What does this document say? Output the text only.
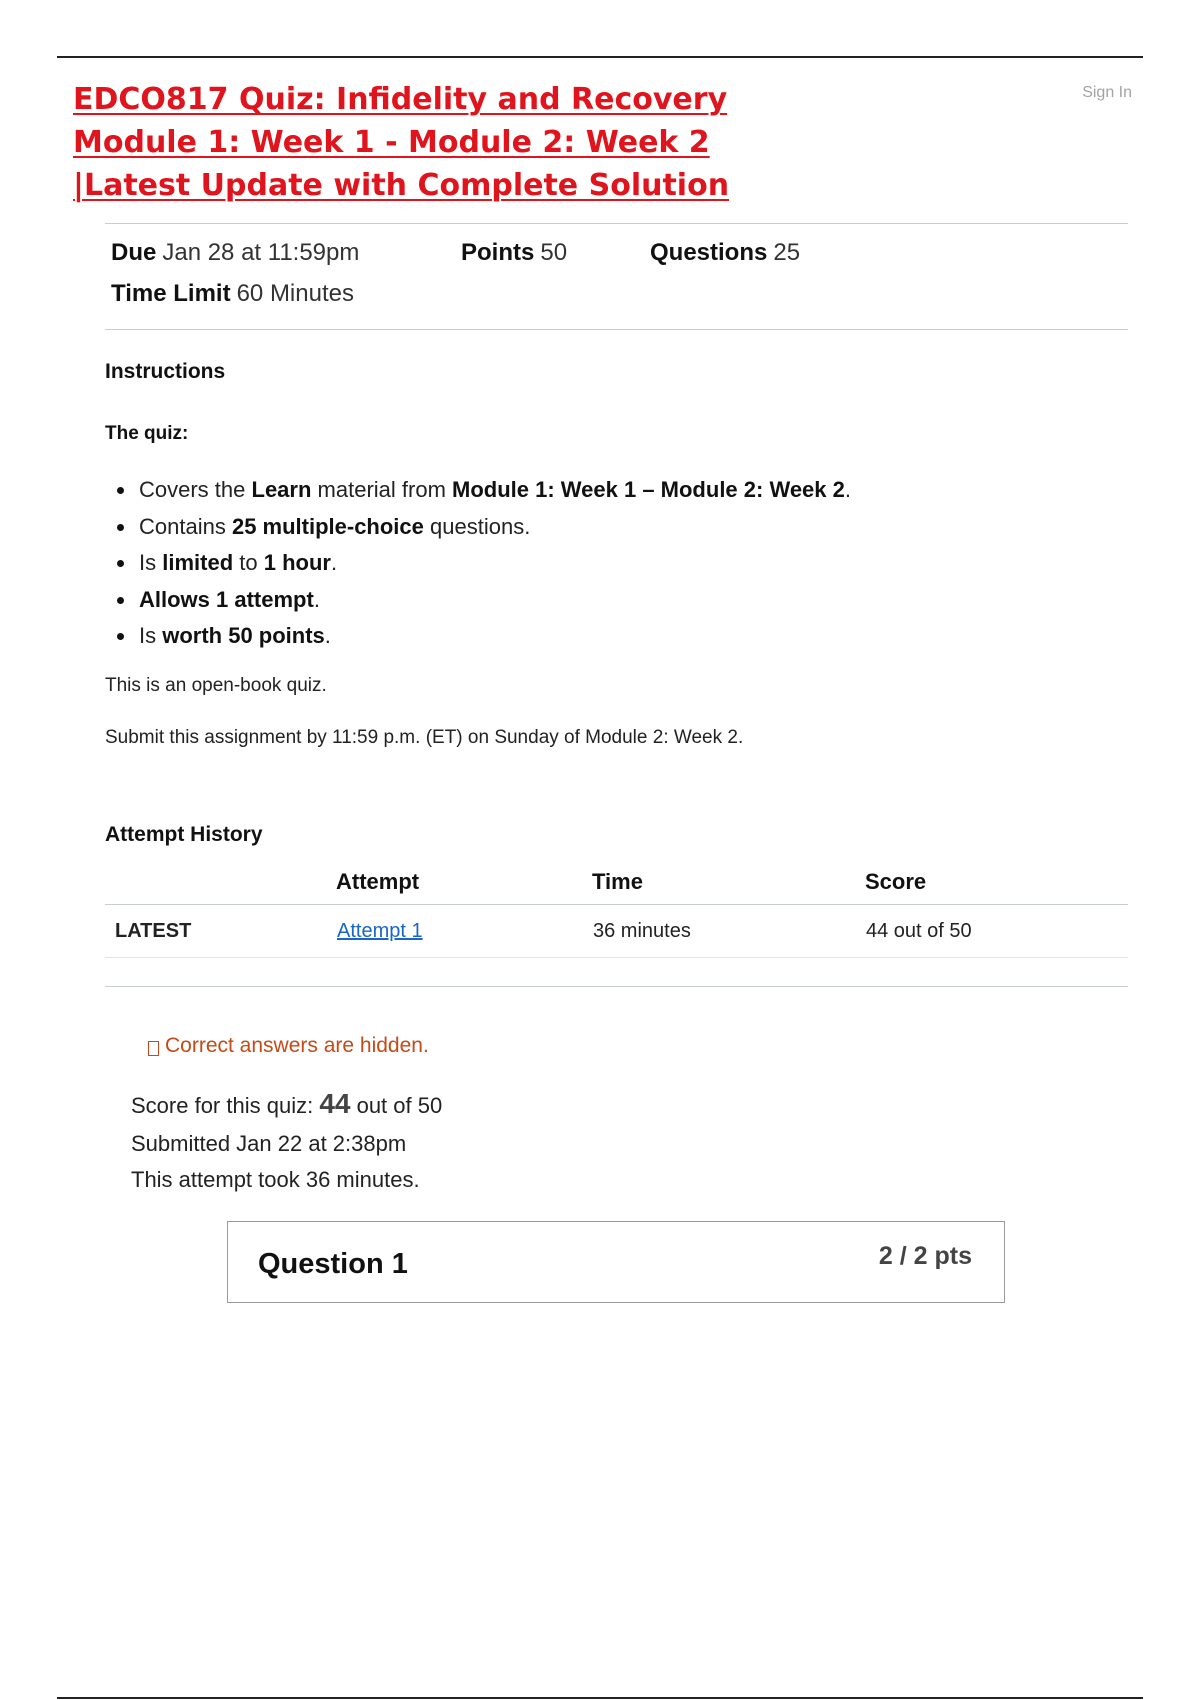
EDCO817 Quiz: Infidelity and Recovery Module 1: Week 1 - Module 2: Week 2 |Latest Update with Complete Solution
Sign In
Due Jan 28 at 11:59pm	Points 50	Questions 25
Time Limit 60 Minutes
Instructions
The quiz:
Covers the Learn material from Module 1: Week 1 – Module 2: Week 2.
Contains 25 multiple-choice questions.
Is limited to 1 hour.
Allows 1 attempt.
Is worth 50 points.

This is an open-book quiz.

Submit this assignment by 11:59 p.m. (ET) on Sunday of Module 2: Week 2.

Attempt History
	Attempt	Time	Score
LATEST	Attempt 1	36 minutes	44 out of 50
Correct answers are hidden.
Score for this quiz: 44 out of 50
Submitted Jan 22 at 2:38pm
This attempt took 36 minutes.
Question 1	2 / 2 pts
